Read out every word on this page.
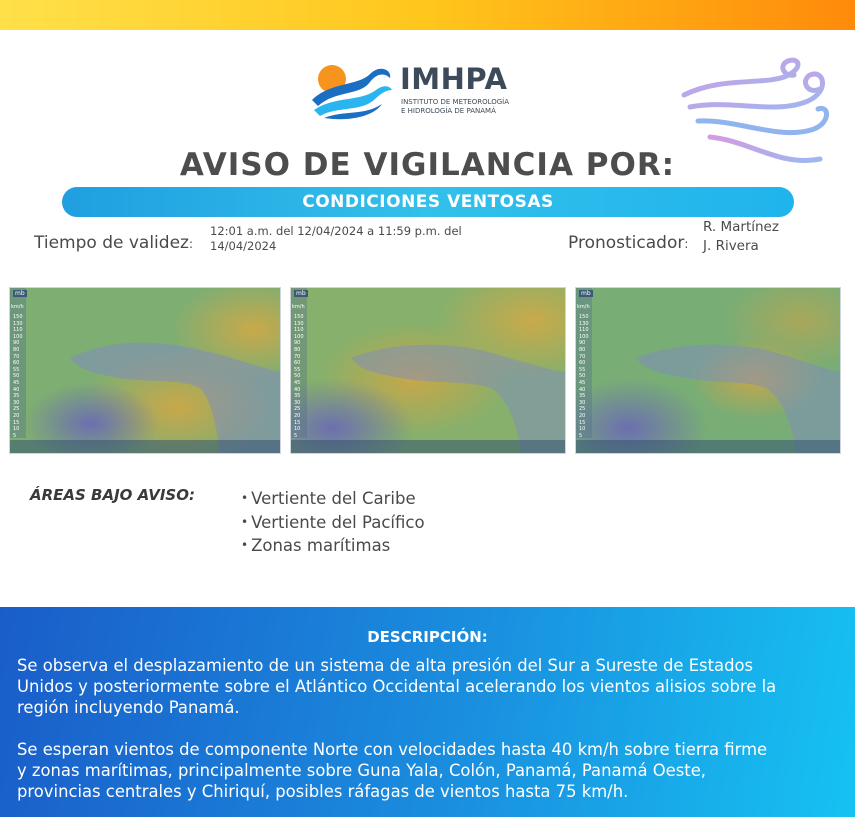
IMHPA
INSTITUTO DE METEOROLOGÍA
E HIDROLOGÍA DE PANAMÁ
AVISO DE VIGILANCIA POR:
CONDICIONES VENTOSAS
Tiempo de validez:
12:01 a.m. del 12/04/2024 a 11:59 p.m. del
14/04/2024	Pronosticador:
R. Martínez
J. Rivera
mb
km/h
150
130
110
100
90
80
70
60
55
50
45
40
35
30
25
20
15
10
5
mb
km/h
150
130
110
100
90
80
70
60
55
50
45
40
35
30
25
20
15
10
5
mb
km/h
150
130
110
100
90
80
70
60
55
50
45
40
35
30
25
20
15
10
5
ÁREAS BAJO AVISO:	• Vertiente del Caribe
• Vertiente del Pacífico
• Zonas marítimas
DESCRIPCIÓN:
Se observa el desplazamiento de un sistema de alta presión del Sur a Sureste de Estados
Unidos y posteriormente sobre el Atlántico Occidental acelerando los vientos alisios sobre la
región incluyendo Panamá.
Se esperan vientos de componente Norte con velocidades hasta 40 km/h sobre tierra firme
y zonas marítimas, principalmente sobre Guna Yala, Colón, Panamá, Panamá Oeste,
provincias centrales y Chiriquí, posibles ráfagas de vientos hasta 75 km/h.
